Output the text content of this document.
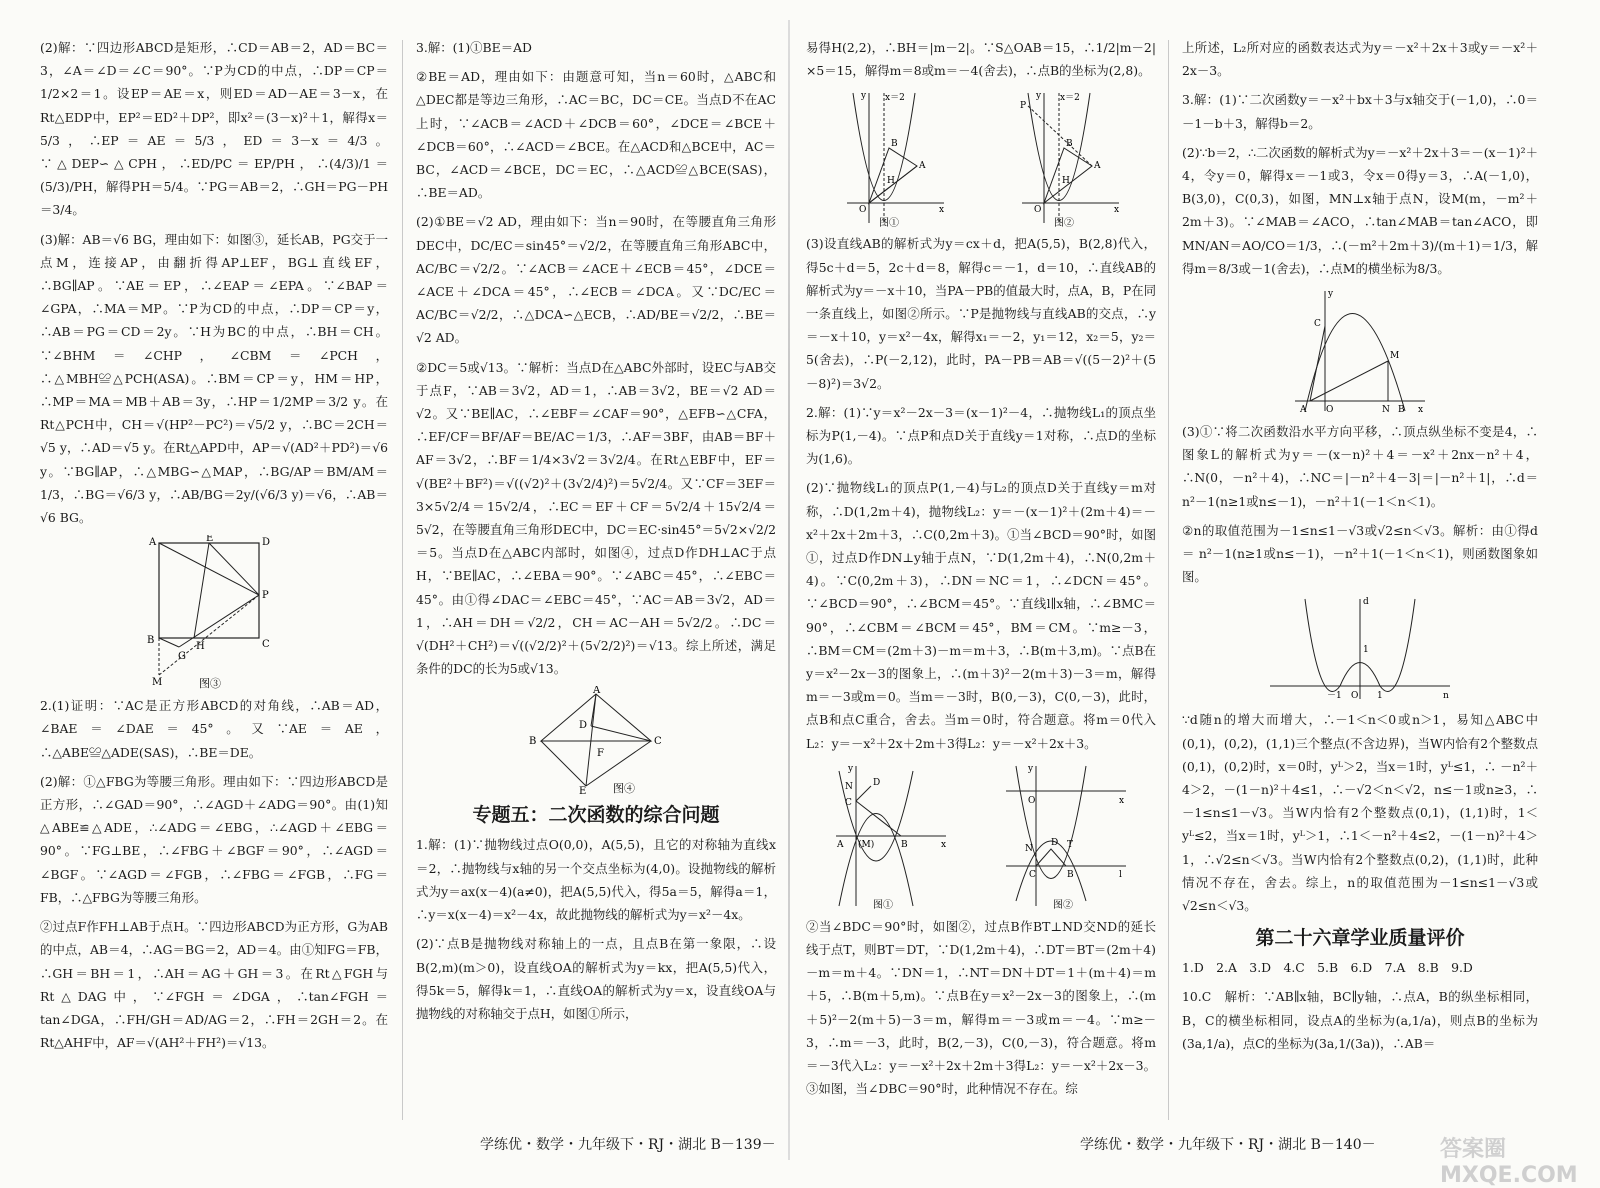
(2)解：∵四边形ABCD是矩形，∴CD＝AB＝2，AD＝BC＝3，∠A＝∠D＝∠C＝90°。∵P为CD的中点，∴DP＝CP＝1/2×2＝1。设EP＝AE＝x，则ED＝AD－AE＝3－x，在Rt△EDP中，EP²＝ED²＋DP²，即x²＝(3－x)²＋1，解得x＝5/3，∴EP＝AE＝5/3，ED＝3－x＝4/3。∵△DEP∽△CPH，∴ED/PC＝EP/PH，∴(4/3)/1＝(5/3)/PH，解得PH＝5/4。∵PG＝AB＝2，∴GH＝PG－PH＝3/4。

(3)解：AB＝√6 BG，理由如下：如图③，延长AB，PG交于一点M，连接AP，由翻折得AP⊥EF，BG⊥直线EF，∴BG∥AP。∵AE＝EP，∴∠EAP＝∠EPA。∵∠BAP＝∠GPA，∴MA＝MP。∵P为CD的中点，∴DP＝CP＝y，∴AB＝PG＝CD＝2y。∵H为BC的中点，∴BH＝CH。∵∠BHM＝∠CHP，∠CBM＝∠PCH，∴△MBH≌△PCH(ASA)。∴BM＝CP＝y，HM＝HP，∴MP＝MA＝MB＋AB＝3y，∴HP＝1/2MP＝3/2 y。在Rt△PCH中，CH＝√(HP²－PC²)＝√5/2 y，∴BC＝2CH＝√5 y，∴AD＝√5 y。在Rt△APD中，AP＝√(AD²＋PD²)＝√6 y。∵BG∥AP，∴△MBG∽△MAP，∴BG/AP＝BM/AM＝1/3，∴BG＝√6/3 y，∴AB/BG＝2y/(√6/3 y)＝√6，∴AB＝√6 BG。

A	E	D
P
B
H	C
G
M	图③

2.(1)证明：∵AC是正方形ABCD的对角线，∴AB＝AD，∠BAE＝∠DAE＝45°。又∵AE＝AE，∴△ABE≌△ADE(SAS)，∴BE＝DE。

(2)解：①△FBG为等腰三角形。理由如下：∵四边形ABCD是正方形，∴∠GAD＝90°，∴∠AGD＋∠ADG＝90°。由(1)知△ABE≌△ADE，∴∠ADG＝∠EBG，∴∠AGD＋∠EBG＝90°。∵FG⊥BE，∴∠FBG＋∠BGF＝90°，∴∠AGD＝∠BGF。∵∠AGD＝∠FGB，∴∠FBG＝∠FGB，∴FG＝FB，∴△FBG为等腰三角形。

②过点F作FH⊥AB于点H。∵四边形ABCD为正方形，G为AB的中点，AB＝4，∴AG＝BG＝2，AD＝4。由①知FG＝FB，∴GH＝BH＝1，∴AH＝AG＋GH＝3。在Rt△FGH与Rt△DAG中，∵∠FGH＝∠DGA，∴tan∠FGH＝tan∠DGA，∴FH/GH＝AD/AG＝2，∴FH＝2GH＝2。在Rt△AHF中，AF＝√(AH²＋FH²)＝√13。

3.解：(1)①BE＝AD

②BE＝AD，理由如下：由题意可知，当n＝60时，△ABC和△DEC都是等边三角形，∴AC＝BC，DC＝CE。当点D不在AC上时，∵∠ACB＝∠ACD＋∠DCB＝60°，∠DCE＝∠BCE＋∠DCB＝60°，∴∠ACD＝∠BCE。在△ACD和△BCE中，AC＝BC，∠ACD＝∠BCE，DC＝EC，∴△ACD≌△BCE(SAS)，∴BE＝AD。

(2)①BE＝√2 AD，理由如下：当n＝90时，在等腰直角三角形DEC中，DC/EC＝sin45°＝√2/2，在等腰直角三角形ABC中，AC/BC＝√2/2。∵∠ACB＝∠ACE＋∠ECB＝45°，∠DCE＝∠ACE＋∠DCA＝45°，∴∠ECB＝∠DCA。又∵DC/EC＝AC/BC＝√2/2，∴△DCA∽△ECB，∴AD/BE＝√2/2，∴BE＝√2 AD。

②DC＝5或√13。∵解析：当点D在△ABC外部时，设EC与AB交于点F，∵AB＝3√2，AD＝1，∴AB＝3√2，BE＝√2 AD＝√2。又∵BE∥AC，∴∠EBF＝∠CAF＝90°，△EFB∽△CFA，∴EF/CF＝BF/AF＝BE/AC＝1/3，∴AF＝3BF，由AB＝BF＋AF＝3√2，∴BF＝1/4×3√2＝3√2/4。在Rt△EBF中，EF＝√(BE²＋BF²)＝√((√2)²＋(3√2/4)²)＝5√2/4。又∵CF＝3EF＝3×5√2/4＝15√2/4，∴EC＝EF＋CF＝5√2/4＋15√2/4＝5√2，在等腰直角三角形DEC中，DC＝EC·sin45°＝5√2×√2/2＝5。当点D在△ABC内部时，如图④，过点D作DH⊥AC于点H，∵BE∥AC，∴∠EBA＝90°。∵∠ABC＝45°，∴∠EBC＝45°。由①得∠DAC＝∠EBC＝45°，∵AC＝AB＝3√2，AD＝1，∴AH＝DH＝√2/2，CH＝AC－AH＝5√2/2。∴DC＝√(DH²＋CH²)＝√((√2/2)²＋(5√2/2)²)＝√13。综上所述，满足条件的DC的长为5或√13。

A
B	C
D
E
F
图④
专题五：二次函数的综合问题

1.解：(1)∵抛物线过点O(0,0)，A(5,5)，且它的对称轴为直线x＝2，∴抛物线与x轴的另一个交点坐标为(4,0)。设抛物线的解析式为y＝ax(x－4)(a≠0)，把A(5,5)代入，得5a＝5，解得a＝1，∴y＝x(x－4)＝x²－4x，故此抛物线的解析式为y＝x²－4x。

(2)∵点B是抛物线对称轴上的一点，且点B在第一象限，∴设B(2,m)(m＞0)，设直线OA的解析式为y＝kx，把A(5,5)代入，得5k＝5，解得k＝1，∴直线OA的解析式为y＝x，设直线OA与抛物线的对称轴交于点H，如图①所示，

易得H(2,2)，∴BH＝|m－2|。∵S△OAB＝15，∴1/2|m－2|×5＝15，解得m＝8或m＝－4(舍去)，∴点B的坐标为(2,8)。

y x＝2
B
A
H
O	x
图①
y x＝2
P
B
A
H
O	x
图②

(3)设直线AB的解析式为y＝cx＋d，把A(5,5)，B(2,8)代入，得5c＋d＝5，2c＋d＝8，解得c＝－1，d＝10，∴直线AB的解析式为y＝－x＋10，当PA－PB的值最大时，点A，B，P在同一条直线上，如图②所示。∵P是抛物线与直线AB的交点，∴y＝－x＋10，y＝x²－4x，解得x₁＝－2，y₁＝12，x₂＝5，y₂＝5(舍去)，∴P(－2,12)，此时，PA－PB＝AB＝√((5－2)²＋(5－8)²)＝3√2。

2.解：(1)∵y＝x²－2x－3＝(x－1)²－4，∴抛物线L₁的顶点坐标为P(1,－4)。∵点P和点D关于直线y＝1对称，∴点D的坐标为(1,6)。

(2)∵抛物线L₁的顶点P(1,－4)与L₂的顶点D关于直线y＝m对称，∴D(1,2m＋4)，抛物线L₂：y＝－(x－1)²＋(2m＋4)＝－x²＋2x＋2m＋3，∴C(0,2m＋3)。①当∠BCD＝90°时，如图①，过点D作DN⊥y轴于点N，∵D(1,2m＋4)，∴N(0,2m＋4)。∵C(0,2m＋3)，∴DN＝NC＝1，∴∠DCN＝45°。∵∠BCD＝90°，∴∠BCM＝45°。∵直线l∥x轴，∴∠BMC＝90°，∴∠CBM＝∠BCM＝45°，BM＝CM。∵m≥－3，∴BM＝CM＝(2m＋3)－m＝m＋3，∴B(m＋3,m)。∵点B在y＝x²－2x－3的图象上，∴(m＋3)²－2(m＋3)－3＝m，解得m＝－3或m＝0。当m＝－3时，B(0,－3)，C(0,－3)，此时，点B和点C重合，舍去。当m＝0时，符合题意。将m＝0代入L₂：y＝－x²＋2x＋2m＋3得L₂：y＝－x²＋2x＋3。

y
N D
C
A (M)	B	x
图①
y
O	x
N
D T
C	B	l
图②

②当∠BDC＝90°时，如图②，过点B作BT⊥ND交ND的延长线于点T，则BT＝DT，∵D(1,2m＋4)，∴DT＝BT＝(2m＋4)－m＝m＋4。∵DN＝1，∴NT＝DN＋DT＝1＋(m＋4)＝m＋5，∴B(m＋5,m)。∵点B在y＝x²－2x－3的图象上，∴(m＋5)²－2(m＋5)－3＝m，解得m＝－3或m＝－4。∵m≥－3，∴m＝－3，此时，B(2,－3)，C(0,－3)，符合题意。将m＝－3代入L₂：y＝－x²＋2x＋2m＋3得L₂：y＝－x²＋2x－3。③如图，当∠DBC＝90°时，此种情况不存在。综

上所述，L₂所对应的函数表达式为y＝－x²＋2x＋3或y＝－x²＋2x－3。

3.解：(1)∵二次函数y＝－x²＋bx＋3与x轴交于(－1,0)，∴0＝－1－b＋3，解得b＝2。

(2)∵b＝2，∴二次函数的解析式为y＝－x²＋2x＋3＝－(x－1)²＋4，令y＝0，解得x＝－1或3，令x＝0得y＝3，∴A(－1,0)，B(3,0)，C(0,3)，如图，MN⊥x轴于点N，设M(m，－m²＋2m＋3)。∵∠MAB＝∠ACO，∴tan∠MAB＝tan∠ACO，即MN/AN＝AO/CO＝1/3，∴(－m²＋2m＋3)/(m＋1)＝1/3，解得m＝8/3或－1(舍去)，∴点M的横坐标为8/3。

y
C
M
A O	N B x

(3)①∵将二次函数沿水平方向平移，∴顶点纵坐标不变是4，∴图象L的解析式为y＝－(x－n)²＋4＝－x²＋2nx－n²＋4，∴N(0，－n²＋4)，∴NC＝|－n²＋4－3|＝|－n²＋1|，∴d＝ n²－1(n≥1或n≤－1)，－n²＋1(－1＜n＜1)。

②n的取值范围为－1≤n≤1－√3或√2≤n＜√3。解析：由①得d＝ n²－1(n≥1或n≤－1)，－n²＋1(－1＜n＜1)，则函数图象如图。

d
1
－1 O 1	n

∵d随n的增大而增大，∴－1＜n＜0或n＞1，易知△ABC中(0,1)，(0,2)，(1,1)三个整点(不含边界)，当W内恰有2个整数点(0,1)，(0,2)时，x＝0时，yᴸ＞2，当x＝1时，yᴸ≤1，∴ －n²＋4＞2，－(1－n)²＋4≤1，∴－√2＜n＜√2，n≤－1或n≥3，∴－1≤n≤1－√3。当W内恰有2个整数点(0,1)，(1,1)时，1＜yᴸ≤2，当x＝1时，yᴸ＞1，∴1＜－n²＋4≤2，－(1－n)²＋4＞1，∴√2≤n＜√3。当W内恰有2个整数点(0,2)，(1,1)时，此种情况不存在，舍去。综上，n的取值范围为－1≤n≤1－√3或√2≤n＜√3。

第二十六章学业质量评价

1.D　2.A　3.D　4.C　5.B　6.D　7.A　8.B　9.D

10.C　解析：∵AB∥x轴，BC∥y轴，∴点A，B的纵坐标相同，B，C的横坐标相同，设点A的坐标为(a,1/a)，则点B的坐标为(3a,1/a)，点C的坐标为(3a,1/(3a))，∴AB＝

学练优・数学・九年级下・RJ・湖北 B－139－	学练优・数学・九年级下・RJ・湖北 B－140－	答案圈 MXQE.COM
